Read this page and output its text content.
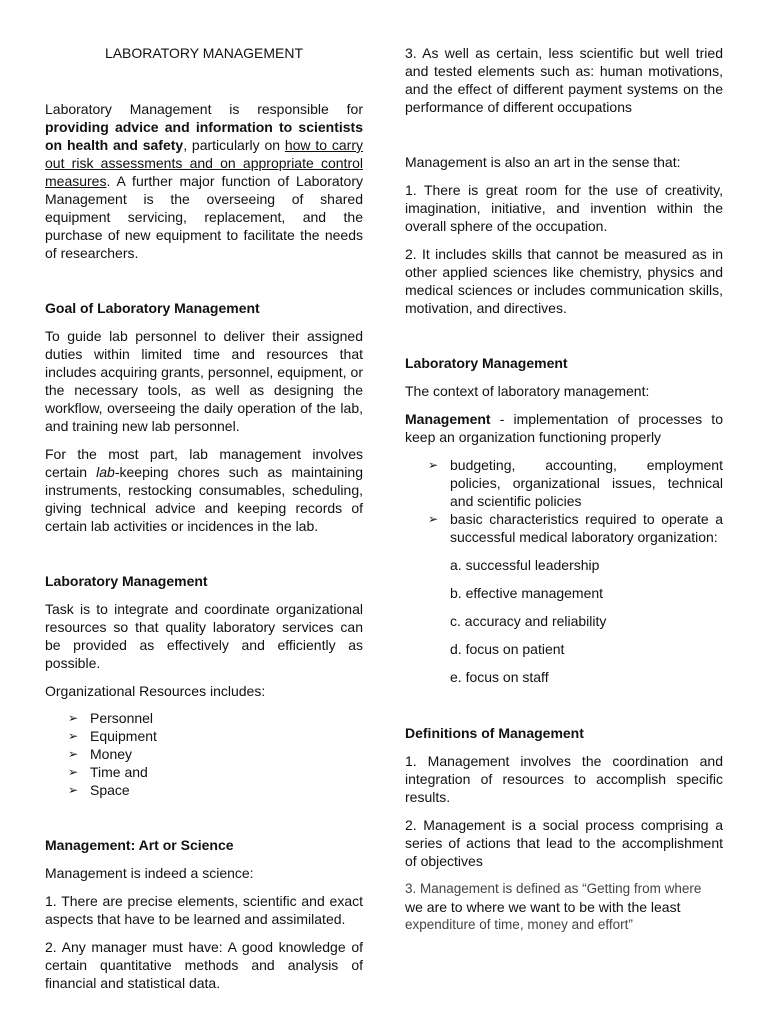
LABORATORY MANAGEMENT

Laboratory Management is responsible for providing advice and information to scientists on health and safety, particularly on how to carry out risk assessments and on appropriate control measures. A further major function of Laboratory Management is the overseeing of shared equipment servicing, replacement, and the purchase of new equipment to facilitate the needs of researchers.

Goal of Laboratory Management

To guide lab personnel to deliver their assigned duties within limited time and resources that includes acquiring grants, personnel, equipment, or the necessary tools, as well as designing the workflow, overseeing the daily operation of the lab, and training new lab personnel.

For the most part, lab management involves certain lab-keeping chores such as maintaining instruments, restocking consumables, scheduling, giving technical advice and keeping records of certain lab activities or incidences in the lab.

Laboratory Management

Task is to integrate and coordinate organizational resources so that quality laboratory services can be provided as effectively and efficiently as possible.

Organizational Resources includes:

➢ Personnel
➢ Equipment
➢ Money
➢ Time and
➢ Space

Management: Art or Science

Management is indeed a science:

1. There are precise elements, scientific and exact aspects that have to be learned and assimilated.

2. Any manager must have: A good knowledge of certain quantitative methods and analysis of financial and statistical data.

3. As well as certain, less scientific but well tried and tested elements such as: human motivations, and the effect of different payment systems on the performance of different occupations

Management is also an art in the sense that:

1. There is great room for the use of creativity, imagination, initiative, and invention within the overall sphere of the occupation.

2. It includes skills that cannot be measured as in other applied sciences like chemistry, physics and medical sciences or includes communication skills, motivation, and directives.

Laboratory Management

The context of laboratory management:

Management - implementation of processes to keep an organization functioning properly

➢ budgeting, accounting, employment policies, organizational issues, technical and scientific policies
➢ basic characteristics required to operate a successful medical laboratory organization:

a. successful leadership

b. effective management

c. accuracy and reliability

d. focus on patient

e. focus on staff

Definitions of Management

1. Management involves the coordination and integration of resources to accomplish specific results.

2. Management is a social process comprising a series of actions that lead to the accomplishment of objectives

3. Management is defined as “Getting from where
we are to where we want to be with the least
expenditure of time, money and effort”
